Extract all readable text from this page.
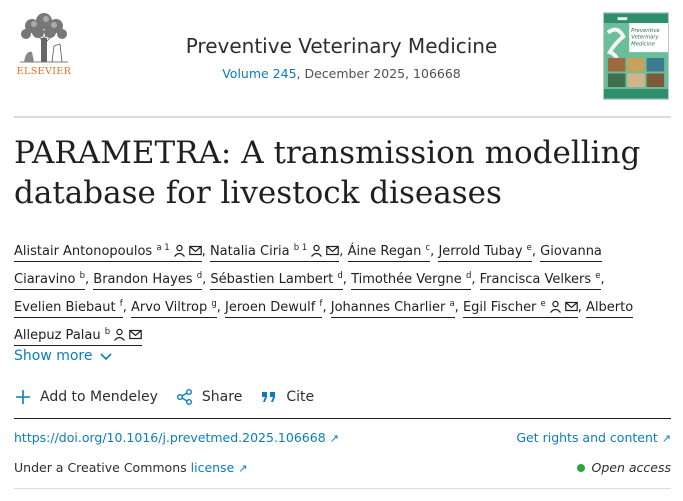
ELSEVIER
Preventive Veterinary Medicine
Volume 245, December 2025, 106668
Preventive
Veterinary
Medicine
PARAMETRA: A transmission modelling database for livestock diseases
Alistair Antonopoulos $^{a 1}$ , Natalia Ciria $^{b 1}$ , Áine Regan $^c$, Jerrold Tubay $^e$, Giovanna Ciaravino $^b$, Brandon Hayes $^d$, Sébastien Lambert $^d$, Timothée Vergne $^d$, Francisca Velkers $^e$, Evelien Biebaut $^f$, Arvo Viltrop $^g$, Jeroen Dewulf $^f$, Johannes Charlier $^a$, Egil Fischer $^e$ , Alberto Allepuz Palau $^b$
Show more
Add to Mendeley	Share	Cite
https://doi.org/10.1016/j.prevetmed.2025.106668 ↗	Get rights and content ↗
Under a Creative Commons license ↗	Open access
